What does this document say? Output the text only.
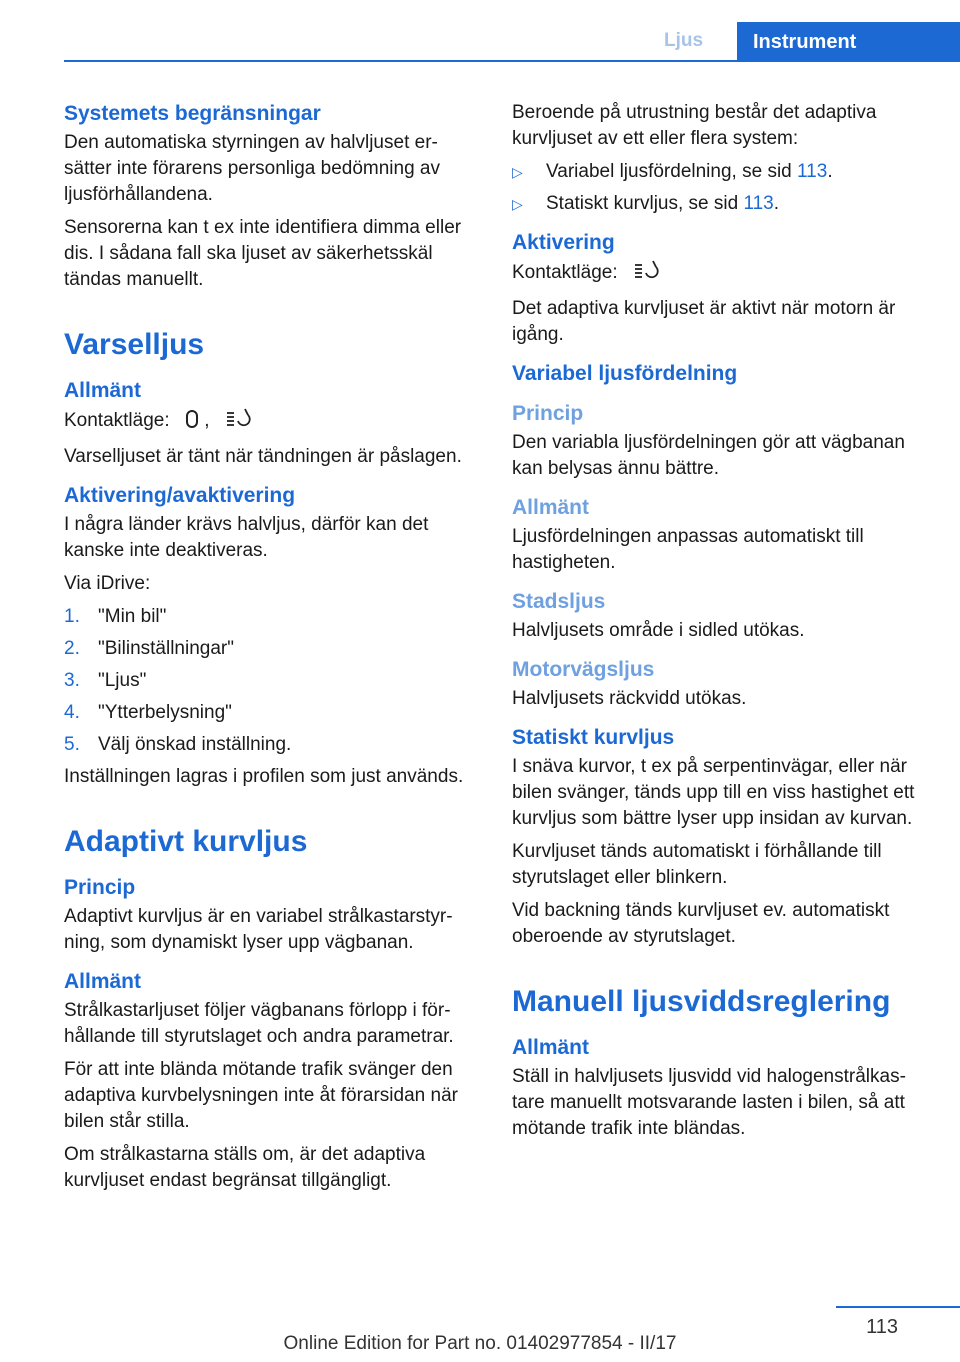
Ljus	Instrument
Systemets begränsningar

Den automatiska styrningen av halvljuset er-sätter inte förarens personliga bedömning av ljusförhållandena.

Sensorerna kan t ex inte identifiera dimma eller dis. I sådana fall ska ljuset av säkerhetsskäl tändas manuellt.

Varselljus
Allmänt

Kontaktläge: ,

Varselljuset är tänt när tändningen är påslagen.

Aktivering/avaktivering

I några länder krävs halvljus, därför kan det kanske inte deaktiveras.

Via iDrive:

1. "Min bil"
2. "Bilinställningar"
3. "Ljus"
4. "Ytterbelysning"
5. Välj önskad inställning.

Inställningen lagras i profilen som just används.

Adaptivt kurvljus
Princip

Adaptivt kurvljus är en variabel strålkastarstyr-ning, som dynamiskt lyser upp vägbanan.

Allmänt

Strålkastarljuset följer vägbanans förlopp i för-hållande till styrutslaget och andra parametrar.

För att inte blända mötande trafik svänger den adaptiva kurvbelysningen inte åt förarsidan när bilen står stilla.

Om strålkastarna ställs om, är det adaptiva kurvljuset endast begränsat tillgängligt.

Beroende på utrustning består det adaptiva kurvljuset av ett eller flera system:

▷	Variabel ljusfördelning, se sid 113.
▷	Statiskt kurvljus, se sid 113.
Aktivering

Kontaktläge:

Det adaptiva kurvljuset är aktivt när motorn är igång.

Variabel ljusfördelning
Princip

Den variabla ljusfördelningen gör att vägbanan kan belysas ännu bättre.

Allmänt

Ljusfördelningen anpassas automatiskt till hastigheten.

Stadsljus

Halvljusets område i sidled utökas.

Motorvägsljus

Halvljusets räckvidd utökas.

Statiskt kurvljus

I snäva kurvor, t ex på serpentinvägar, eller när bilen svänger, tänds upp till en viss hastighet ett kurvljus som bättre lyser upp insidan av kurvan.

Kurvljuset tänds automatiskt i förhållande till styrutslaget eller blinkern.

Vid backning tänds kurvljuset ev. automatiskt oberoende av styrutslaget.

Manuell ljusviddsreglering
Allmänt

Ställ in halvljusets ljusvidd vid halogenstrålkas-tare manuellt motsvarande lasten i bilen, så att mötande trafik inte bländas.

113
Online Edition for Part no. 01402977854 - II/17
